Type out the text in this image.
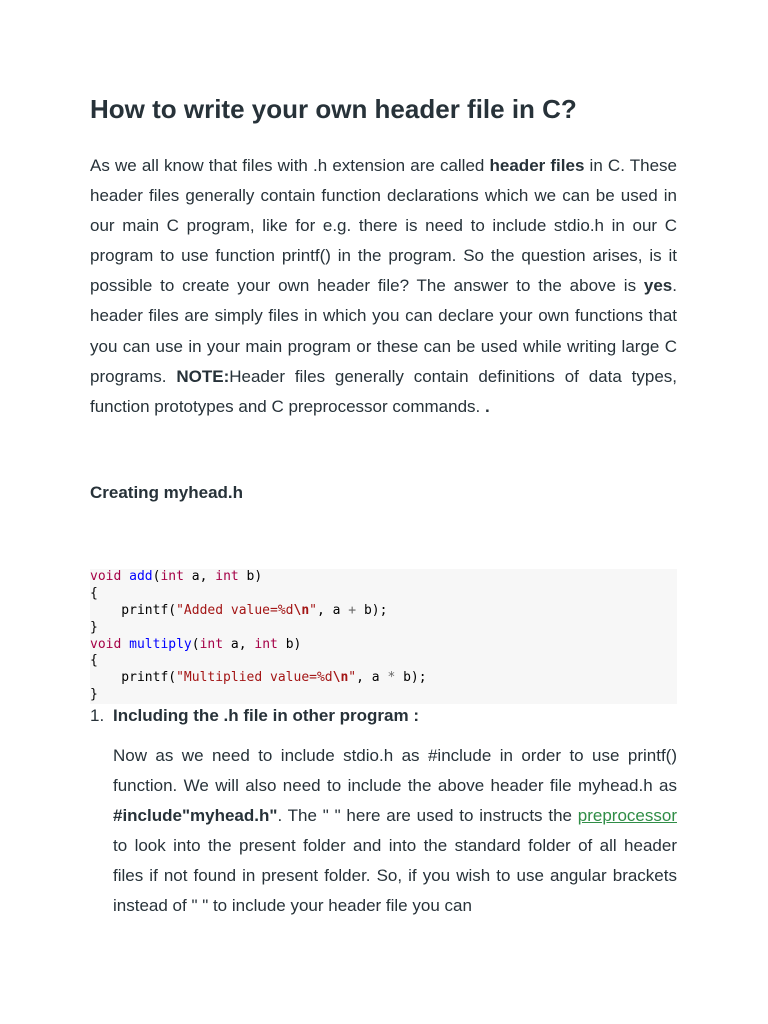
How to write your own header file in C?

As we all know that files with .h extension are called header files in C. These header files generally contain function declarations which we can be used in our main C program, like for e.g. there is need to include stdio.h in our C program to use function printf() in the program. So the question arises, is it possible to create your own header file? The answer to the above is yes. header files are simply files in which you can declare your own functions that you can use in your main program or these can be used while writing large C programs. NOTE:Header files generally contain definitions of data types, function prototypes and C preprocessor commands. .

Creating myhead.h
void add(int a, int b)
{
printf("Added value=%d\n", a + b);
}
void multiply(int a, int b)
{
printf("Multiplied value=%d\n", a * b);
}
1. Including the .h file in other program :

Now as we need to include stdio.h as #include in order to use printf() function. We will also need to include the above header file myhead.h as #include"myhead.h". The " " here are used to instructs the preprocessor to look into the present folder and into the standard folder of all header files if not found in present folder. So, if you wish to use angular brackets instead of " " to include your header file you can
